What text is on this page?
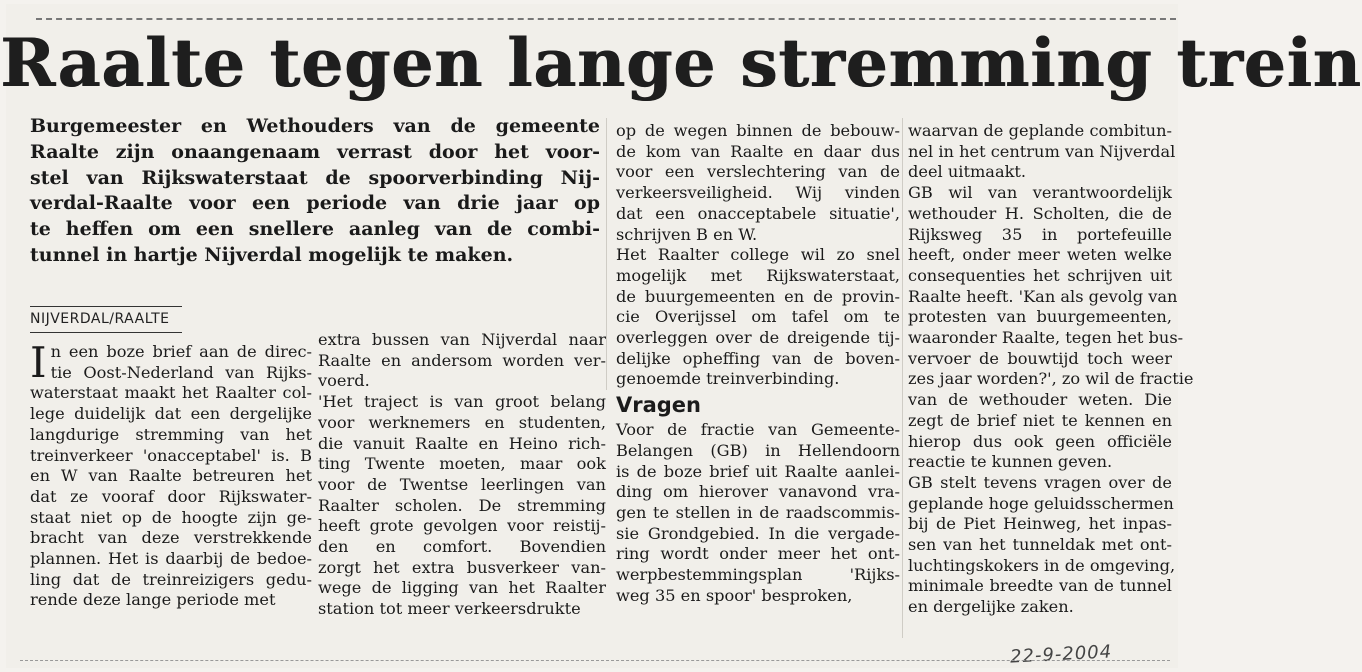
Raalte tegen lange stremming trein
Burgemeester en Wethouders van de gemeente
Raalte zijn onaangenaam verrast door het voor-
stel van Rijkswaterstaat de spoorverbinding Nij-
verdal-Raalte voor een periode van drie jaar op
te heffen om een snellere aanleg van de combi-
tunnel in hartje Nijverdal mogelijk te maken.
NIJVERDAL/RAALTE
I n een boze brief aan de direc-
tie Oost-Nederland van Rijks-
waterstaat maakt het Raalter col-
lege duidelijk dat een dergelijke
langdurige stremming van het
treinverkeer 'onacceptabel' is. B
en W van Raalte betreuren het
dat ze vooraf door Rijkswater-
staat niet op de hoogte zijn ge-
bracht van deze verstrekkende
plannen. Het is daarbij de bedoe-
ling dat de treinreizigers gedu-
rende deze lange periode met
extra bussen van Nijverdal naar
Raalte en andersom worden ver-
voerd.
'Het traject is van groot belang
voor werknemers en studenten,
die vanuit Raalte en Heino rich-
ting Twente moeten, maar ook
voor de Twentse leerlingen van
Raalter scholen. De stremming
heeft grote gevolgen voor reistij-
den en comfort. Bovendien
zorgt het extra busverkeer van-
wege de ligging van het Raalter
station tot meer verkeersdrukte
op de wegen binnen de bebouw-
de kom van Raalte en daar dus
voor een verslechtering van de
verkeersveiligheid. Wij vinden
dat een onacceptabele situatie',
schrijven B en W.
Het Raalter college wil zo snel
mogelijk met Rijkswaterstaat,
de buurgemeenten en de provin-
cie Overijssel om tafel om te
overleggen over de dreigende tij-
delijke opheffing van de boven-
genoemde treinverbinding.
Vragen
Voor de fractie van Gemeente-
Belangen (GB) in Hellendoorn
is de boze brief uit Raalte aanlei-
ding om hierover vanavond vra-
gen te stellen in de raadscommis-
sie Grondgebied. In die vergade-
ring wordt onder meer het ont-
werpbestemmingsplan 'Rijks-
weg 35 en spoor' besproken,
waarvan de geplande combitun-
nel in het centrum van Nijverdal
deel uitmaakt.
GB wil van verantwoordelijk
wethouder H. Scholten, die de
Rijksweg 35 in portefeuille
heeft, onder meer weten welke
consequenties het schrijven uit
Raalte heeft. 'Kan als gevolg van
protesten van buurgemeenten,
waaronder Raalte, tegen het bus-
vervoer de bouwtijd toch weer
zes jaar worden?', zo wil de fractie
van de wethouder weten. Die
zegt de brief niet te kennen en
hierop dus ook geen officiële
reactie te kunnen geven.
GB stelt tevens vragen over de
geplande hoge geluidsschermen
bij de Piet Heinweg, het inpas-
sen van het tunneldak met ont-
luchtingskokers in de omgeving,
minimale breedte van de tunnel
en dergelijke zaken.
22-9-2004
